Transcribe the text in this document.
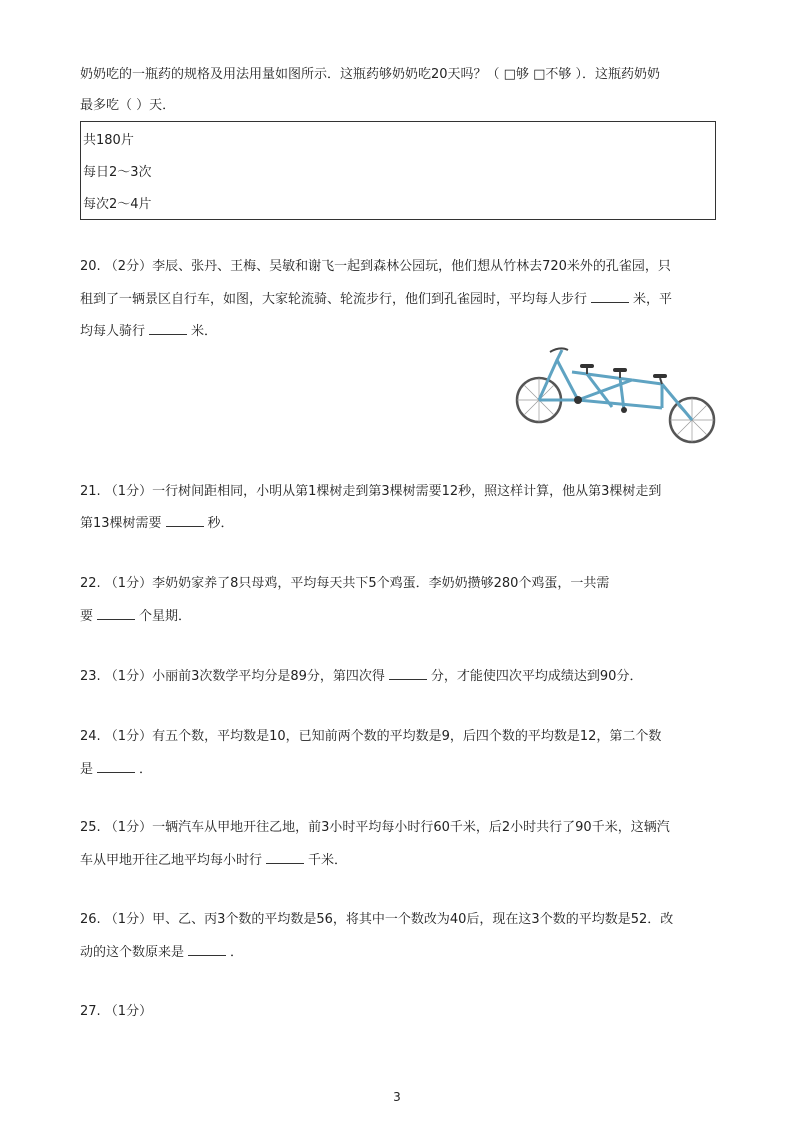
奶奶吃的一瓶药的规格及用法用量如图所示．这瓶药够奶奶吃20天吗？（ □够 □不够 ）．这瓶药奶奶
最多吃（ ）天．
共180片
每日2～3次
每次2～4片
20. （2分）李辰、张丹、王梅、吴敏和谢飞一起到森林公园玩，他们想从竹林去720米外的孔雀园，只
租到了一辆景区自行车，如图，大家轮流骑、轮流步行，他们到孔雀园时，平均每人步行	米，平
均每人骑行	米．
21. （1分）一行树间距相同，小明从第1棵树走到第3棵树需要12秒，照这样计算，他从第3棵树走到
第13棵树需要	秒．
22. （1分）李奶奶家养了8只母鸡，平均每天共下5个鸡蛋．李奶奶攒够280个鸡蛋，一共需
要	个星期．
23. （1分）小丽前3次数学平均分是89分，第四次得	分，才能使四次平均成绩达到90分．
24. （1分）有五个数，平均数是10，已知前两个数的平均数是9，后四个数的平均数是12，第二个数
是	．
25. （1分）一辆汽车从甲地开往乙地，前3小时平均每小时行60千米，后2小时共行了90千米，这辆汽
车从甲地开往乙地平均每小时行	千米．
26. （1分）甲、乙、丙3个数的平均数是56，将其中一个数改为40后，现在这3个数的平均数是52．改
动的这个数原来是	．
27. （1分）
3
